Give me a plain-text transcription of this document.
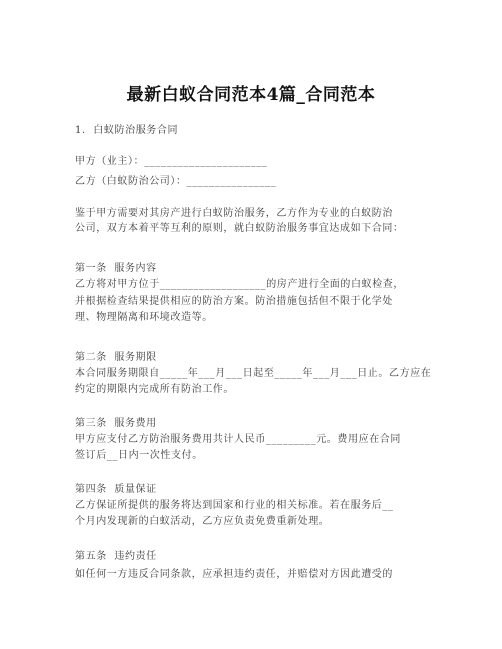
最新白蚁合同范本4篇_合同范本
1.  白蚁防治服务合同
甲方（业主）：______________________
乙方（白蚁防治公司）：________________
鉴于甲方需要对其房产进行白蚁防治服务，乙方作为专业的白蚁防治
公司，双方本着平等互利的原则，就白蚁防治服务事宜达成如下合同：
第一条  服务内容
乙方将对甲方位于___________________的房产进行全面的白蚁检查，
并根据检查结果提供相应的防治方案。防治措施包括但不限于化学处
理、物理隔离和环境改造等。
第二条  服务期限
本合同服务期限自_____年___月___日起至_____年___月___日止。乙方应在
约定的期限内完成所有防治工作。
第三条  服务费用
甲方应支付乙方防治服务费用共计人民币_________元。费用应在合同
签订后__日内一次性支付。
第四条  质量保证
乙方保证所提供的服务将达到国家和行业的相关标准。若在服务后__
个月内发现新的白蚁活动，乙方应负责免费重新处理。
第五条  违约责任
如任何一方违反合同条款，应承担违约责任，并赔偿对方因此遭受的
